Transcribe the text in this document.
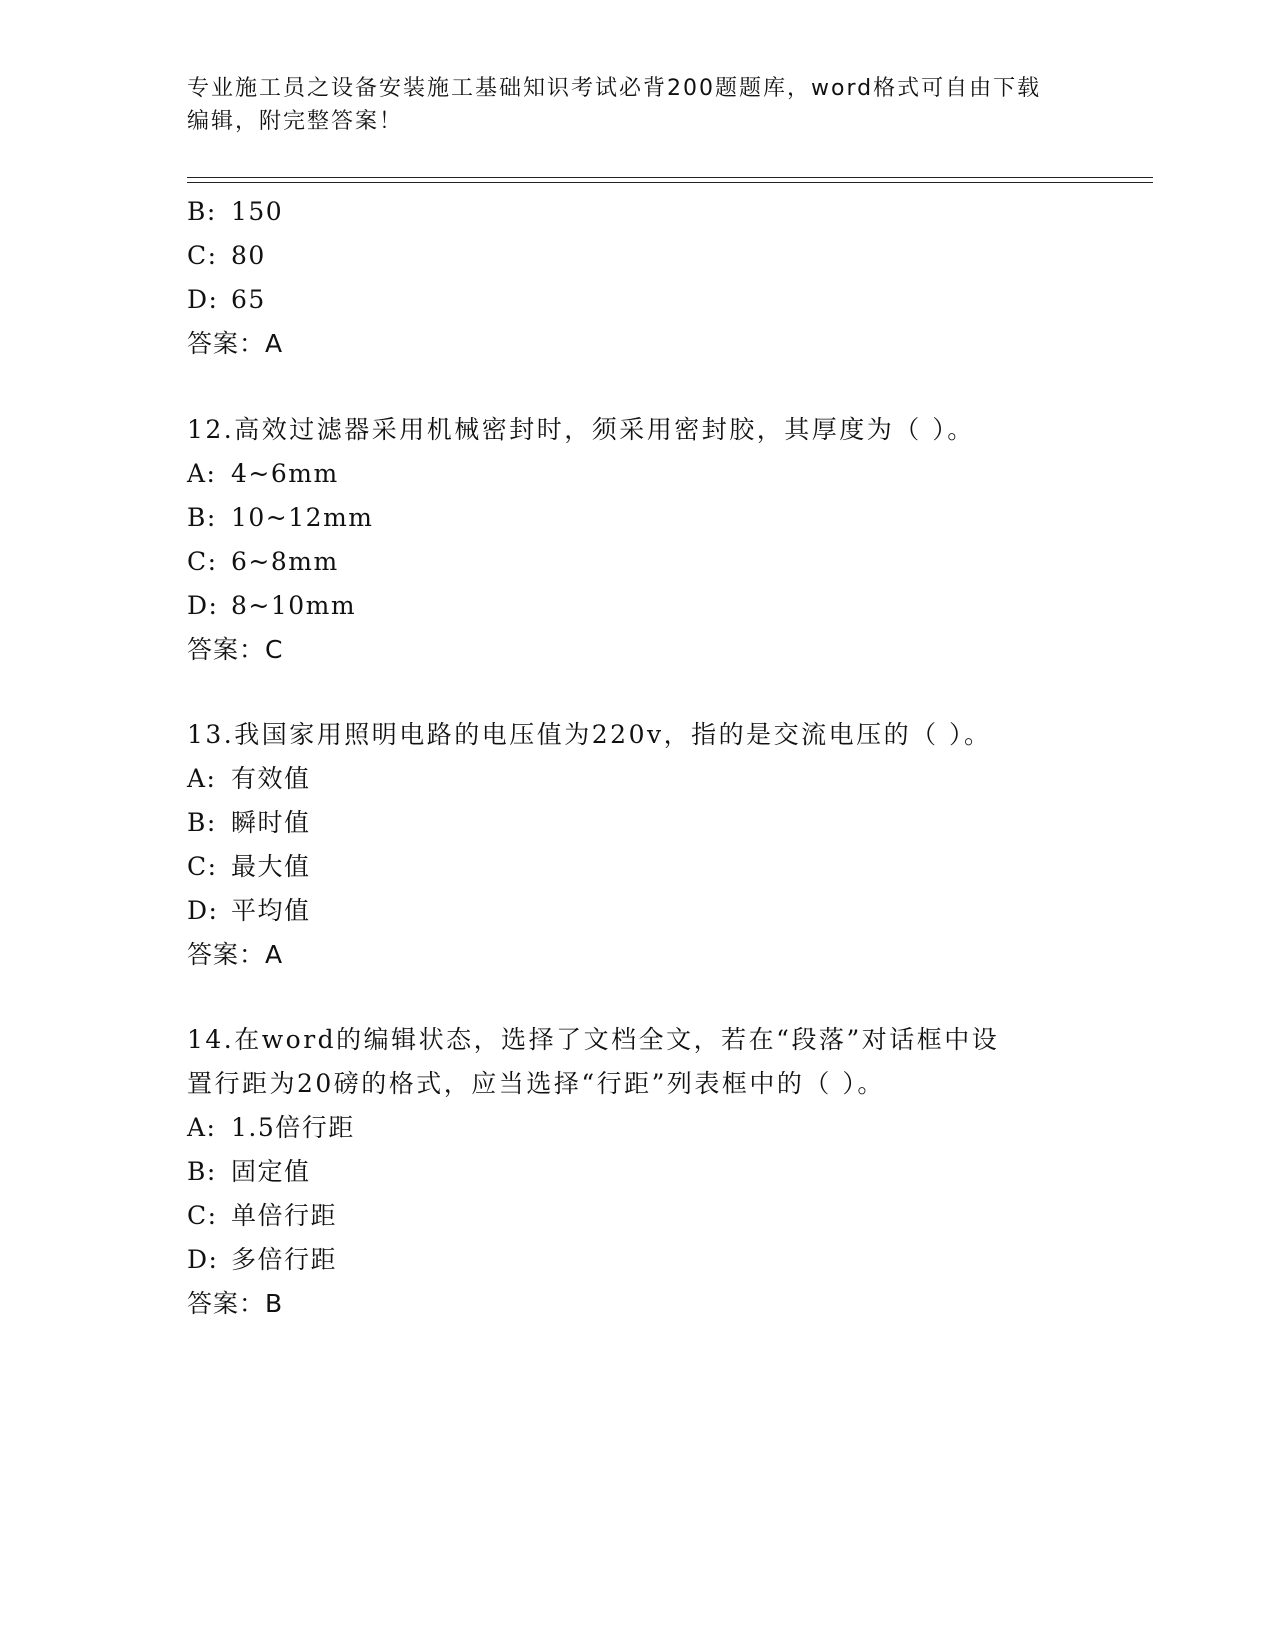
专业施工员之设备安装施工基础知识考试必背200题题库，word格式可自由下载
编辑，附完整答案！
B: 150
C: 80
D: 65
答案：A
12.高效过滤器采用机械密封时，须采用密封胶，其厚度为（ ）。
A: 4~6mm
B: 10~12mm
C: 6~8mm
D: 8~10mm
答案：C
13.我国家用照明电路的电压值为220v，指的是交流电压的（ ）。
A: 有效值
B: 瞬时值
C: 最大值
D: 平均值
答案：A
14.在word的编辑状态，选择了文档全文，若在“段落”对话框中设
置行距为20磅的格式，应当选择“行距”列表框中的（ ）。
A: 1.5倍行距
B: 固定值
C: 单倍行距
D: 多倍行距
答案：B
